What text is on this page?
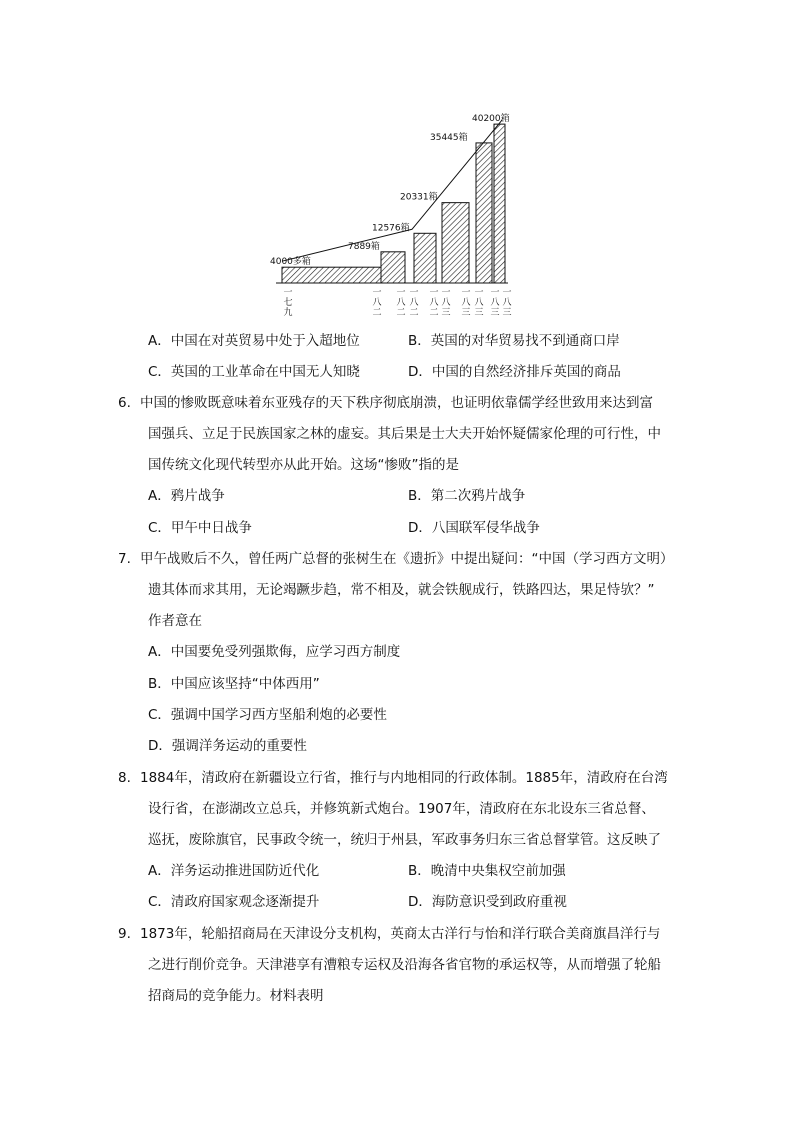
4000多箱
7889箱
12576箱
20331箱
35445箱
40200箱
一七九
一八二
一八二
一八二
一八二
一八三
一八三
一八三
一八三
一八三
A．中国在对英贸易中处于入超地位	B．英国的对华贸易找不到通商口岸
C．英国的工业革命在中国无人知晓	D．中国的自然经济排斥英国的商品
6. 中国的惨败既意味着东亚残存的天下秩序彻底崩溃，也证明依靠儒学经世致用来达到富
国强兵、立足于民族国家之林的虚妄。其后果是士大夫开始怀疑儒家伦理的可行性，中
国传统文化现代转型亦从此开始。这场“惨败”指的是
A．鸦片战争	B．第二次鸦片战争
C．甲午中日战争	D．八国联军侵华战争
7. 甲午战败后不久，曾任两广总督的张树生在《遗折》中提出疑问：“中国（学习西方文明）
遗其体而求其用，无论竭蹶步趋，常不相及，就会铁舰成行，铁路四达，果足恃欤？”
作者意在
A．中国要免受列强欺侮，应学习西方制度
B．中国应该坚持“中体西用”
C．强调中国学习西方坚船利炮的必要性
D．强调洋务运动的重要性
8. 1884年，清政府在新疆设立行省，推行与内地相同的行政体制。1885年，清政府在台湾
设行省，在澎湖改立总兵，并修筑新式炮台。1907年，清政府在东北设东三省总督、
巡抚，废除旗官，民事政令统一，统归于州县，军政事务归东三省总督掌管。这反映了
A．洋务运动推进国防近代化	B．晚清中央集权空前加强
C．清政府国家观念逐渐提升	D．海防意识受到政府重视
9. 1873年，轮船招商局在天津设分支机构，英商太古洋行与怡和洋行联合美商旗昌洋行与
之进行削价竞争。天津港享有漕粮专运权及沿海各省官物的承运权等，从而增强了轮船
招商局的竞争能力。材料表明
